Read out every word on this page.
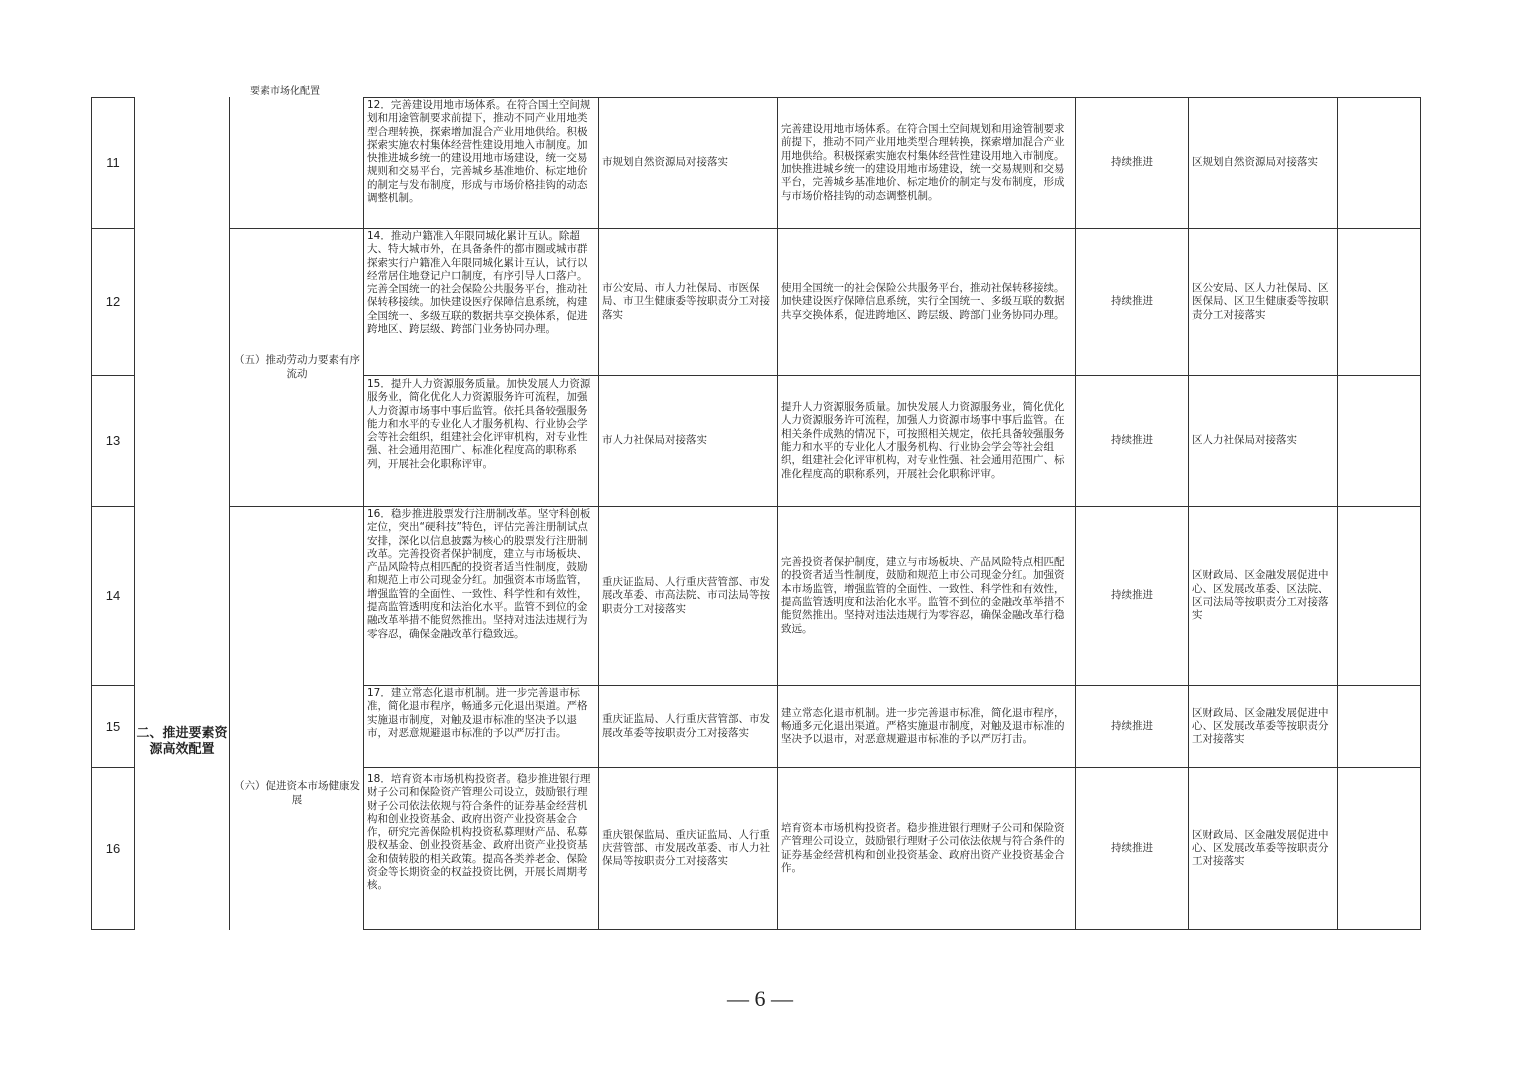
要素市场化配置
二、推进要素资源高效配置
（五）推动劳动力要素有序流动
（六）促进资本市场健康发展
11
12．完善建设用地市场体系。在符合国土空间规划和用途管制要求前提下，推动不同产业用地类型合理转换，探索增加混合产业用地供给。积极探索实施农村集体经营性建设用地入市制度。加快推进城乡统一的建设用地市场建设，统一交易规则和交易平台，完善城乡基准地价、标定地价的制定与发布制度，形成与市场价格挂钩的动态调整机制。
市规划自然资源局对接落实
完善建设用地市场体系。在符合国土空间规划和用途管制要求前提下，推动不同产业用地类型合理转换，探索增加混合产业用地供给。积极探索实施农村集体经营性建设用地入市制度。加快推进城乡统一的建设用地市场建设，统一交易规则和交易平台，完善城乡基准地价、标定地价的制定与发布制度，形成与市场价格挂钩的动态调整机制。
持续推进	区规划自然资源局对接落实
12
14．推动户籍准入年限同城化累计互认。除超大、特大城市外，在具备条件的都市圈或城市群探索实行户籍准入年限同城化累计互认，试行以经常居住地登记户口制度，有序引导人口落户。完善全国统一的社会保险公共服务平台，推动社保转移接续。加快建设医疗保障信息系统，构建全国统一、多级互联的数据共享交换体系，促进跨地区、跨层级、跨部门业务协同办理。
市公安局、市人力社保局、市医保局、市卫生健康委等按职责分工对接落实
使用全国统一的社会保险公共服务平台，推动社保转移接续。加快建设医疗保障信息系统，实行全国统一、多级互联的数据共享交换体系，促进跨地区、跨层级、跨部门业务协同办理。
持续推进
区公安局、区人力社保局、区医保局、区卫生健康委等按职责分工对接落实
13
15．提升人力资源服务质量。加快发展人力资源服务业，简化优化人力资源服务许可流程，加强人力资源市场事中事后监管。依托具备较强服务能力和水平的专业化人才服务机构、行业协会学会等社会组织，组建社会化评审机构，对专业性强、社会通用范围广、标准化程度高的职称系列，开展社会化职称评审。
市人力社保局对接落实
提升人力资源服务质量。加快发展人力资源服务业，简化优化人力资源服务许可流程，加强人力资源市场事中事后监管。在相关条件成熟的情况下，可按照相关规定，依托具备较强服务能力和水平的专业化人才服务机构、行业协会学会等社会组织，组建社会化评审机构，对专业性强、社会通用范围广、标准化程度高的职称系列，开展社会化职称评审。
持续推进	区人力社保局对接落实
14
16．稳步推进股票发行注册制改革。坚守科创板定位，突出“硬科技”特色，评估完善注册制试点安排，深化以信息披露为核心的股票发行注册制改革。完善投资者保护制度，建立与市场板块、产品风险特点相匹配的投资者适当性制度，鼓励和规范上市公司现金分红。加强资本市场监管，增强监管的全面性、一致性、科学性和有效性，提高监管透明度和法治化水平。监管不到位的金融改革举措不能贸然推出。坚持对违法违规行为零容忍，确保金融改革行稳致远。
重庆证监局、人行重庆营管部、市发展改革委、市高法院、市司法局等按职责分工对接落实
完善投资者保护制度，建立与市场板块、产品风险特点相匹配的投资者适当性制度，鼓励和规范上市公司现金分红。加强资本市场监管，增强监管的全面性、一致性、科学性和有效性，提高监管透明度和法治化水平。监管不到位的金融改革举措不能贸然推出。坚持对违法违规行为零容忍，确保金融改革行稳致远。
持续推进
区财政局、区金融发展促进中心、区发展改革委、区法院、区司法局等按职责分工对接落实
15
17．建立常态化退市机制。进一步完善退市标准，简化退市程序，畅通多元化退出渠道。严格实施退市制度，对触及退市标准的坚决予以退市，对恶意规避退市标准的予以严厉打击。
重庆证监局、人行重庆营管部、市发展改革委等按职责分工对接落实
建立常态化退市机制。进一步完善退市标准，简化退市程序，畅通多元化退出渠道。严格实施退市制度，对触及退市标准的坚决予以退市，对恶意规避退市标准的予以严厉打击。
持续推进
区财政局、区金融发展促进中心、区发展改革委等按职责分工对接落实
16
18．培育资本市场机构投资者。稳步推进银行理财子公司和保险资产管理公司设立，鼓励银行理财子公司依法依规与符合条件的证券基金经营机构和创业投资基金、政府出资产业投资基金合作，研究完善保险机构投资私募理财产品、私募股权基金、创业投资基金、政府出资产业投资基金和债转股的相关政策。提高各类养老金、保险资金等长期资金的权益投资比例，开展长周期考核。
重庆银保监局、重庆证监局、人行重庆营管部、市发展改革委、市人力社保局等按职责分工对接落实
培育资本市场机构投资者。稳步推进银行理财子公司和保险资产管理公司设立，鼓励银行理财子公司依法依规与符合条件的证券基金经营机构和创业投资基金、政府出资产业投资基金合作。
持续推进
区财政局、区金融发展促进中心、区发展改革委等按职责分工对接落实
— 6 —
